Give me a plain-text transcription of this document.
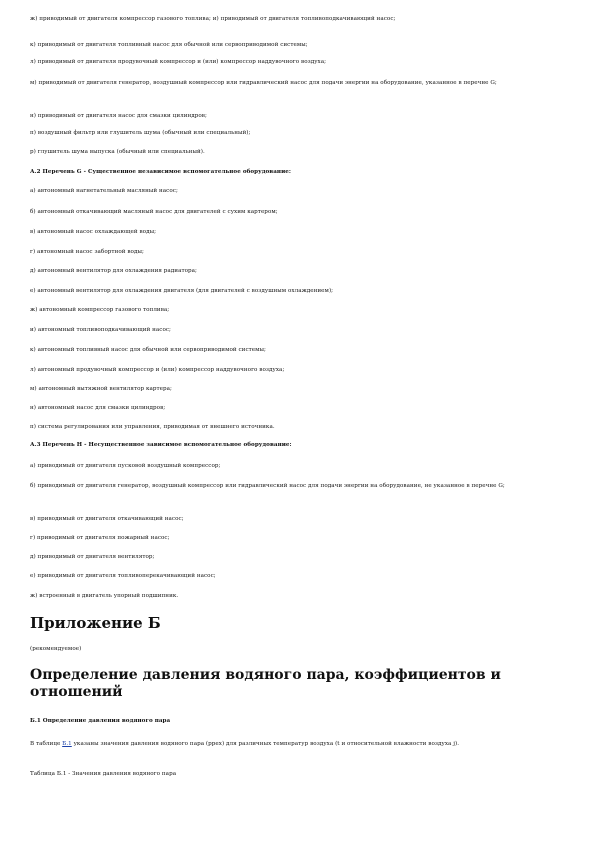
ж) приводимый от двигателя компрессор газового топлива; и) приводимый от двигателя топливоподкачивающий насос;
к) приводимый от двигателя топливный насос для обычной или сервоприводимой системы;
л) приводимый от двигателя продувочный компрессор и (или) компрессор наддувочного воздуха;
м) приводимый от двигателя генератор, воздушный компрессор или гидравлический насос для подачи энергии на оборудование, указанное в перечне G;
н) приводимый от двигателя насос для смазки цилиндров;
п) воздушный фильтр или глушитель шума (обычный или специальный);
р) глушитель шума выпуска (обычный или специальный).
А.2 Перечень G - Существенное независимое вспомогательное оборудование:
а) автономный нагнетательный масляный насос;
б) автономный откачивающий масляный насос для двигателей с сухим картером;
в) автономный насос охлаждающей воды;
г) автономный насос забортной воды;
д) автономный вентилятор для охлаждения радиатора;
е) автономный вентилятор для охлаждения двигателя (для двигателей с воздушным охлаждением);
ж) автономный компрессор газового топлива;
и) автономный топливоподкачивающий насос;
к) автономный топливный насос для обычной или сервоприводимой системы;
л) автономный продувочный компрессор и (или) компрессор наддувочного воздуха;
м) автономный вытяжной вентилятор картера;
н) автономный насос для смазки цилиндров;
п) система регулирования или управления, приводимая от внешнего источника.
А.3 Перечень Н - Несущественное зависимое вспомогательное оборудование:
а) приводимый от двигателя пусковой воздушный компрессор;
б) приводимый от двигателя генератор, воздушный компрессор или гидравлический насос для подачи энергии на оборудование, не указанное в перечне G;
в) приводимый от двигателя откачивающий насос;
г) приводимый от двигателя пожарный насос;
д) приводимый от двигателя вентилятор;
е) приводимый от двигателя топливоперекачивающий насос;
ж) встроенный в двигатель упорный подшипник.
Приложение Б
(рекомендуемое)
Определение давления водяного пара, коэффициентов и отношений
Б.1 Определение давления водяного пара
В таблице Б.1 указаны значения давления водяного пара (pрех) для различных температур воздуха (t и относительной влажности воздуха j).
Таблица Б.1 - Значения давления водяного пара
